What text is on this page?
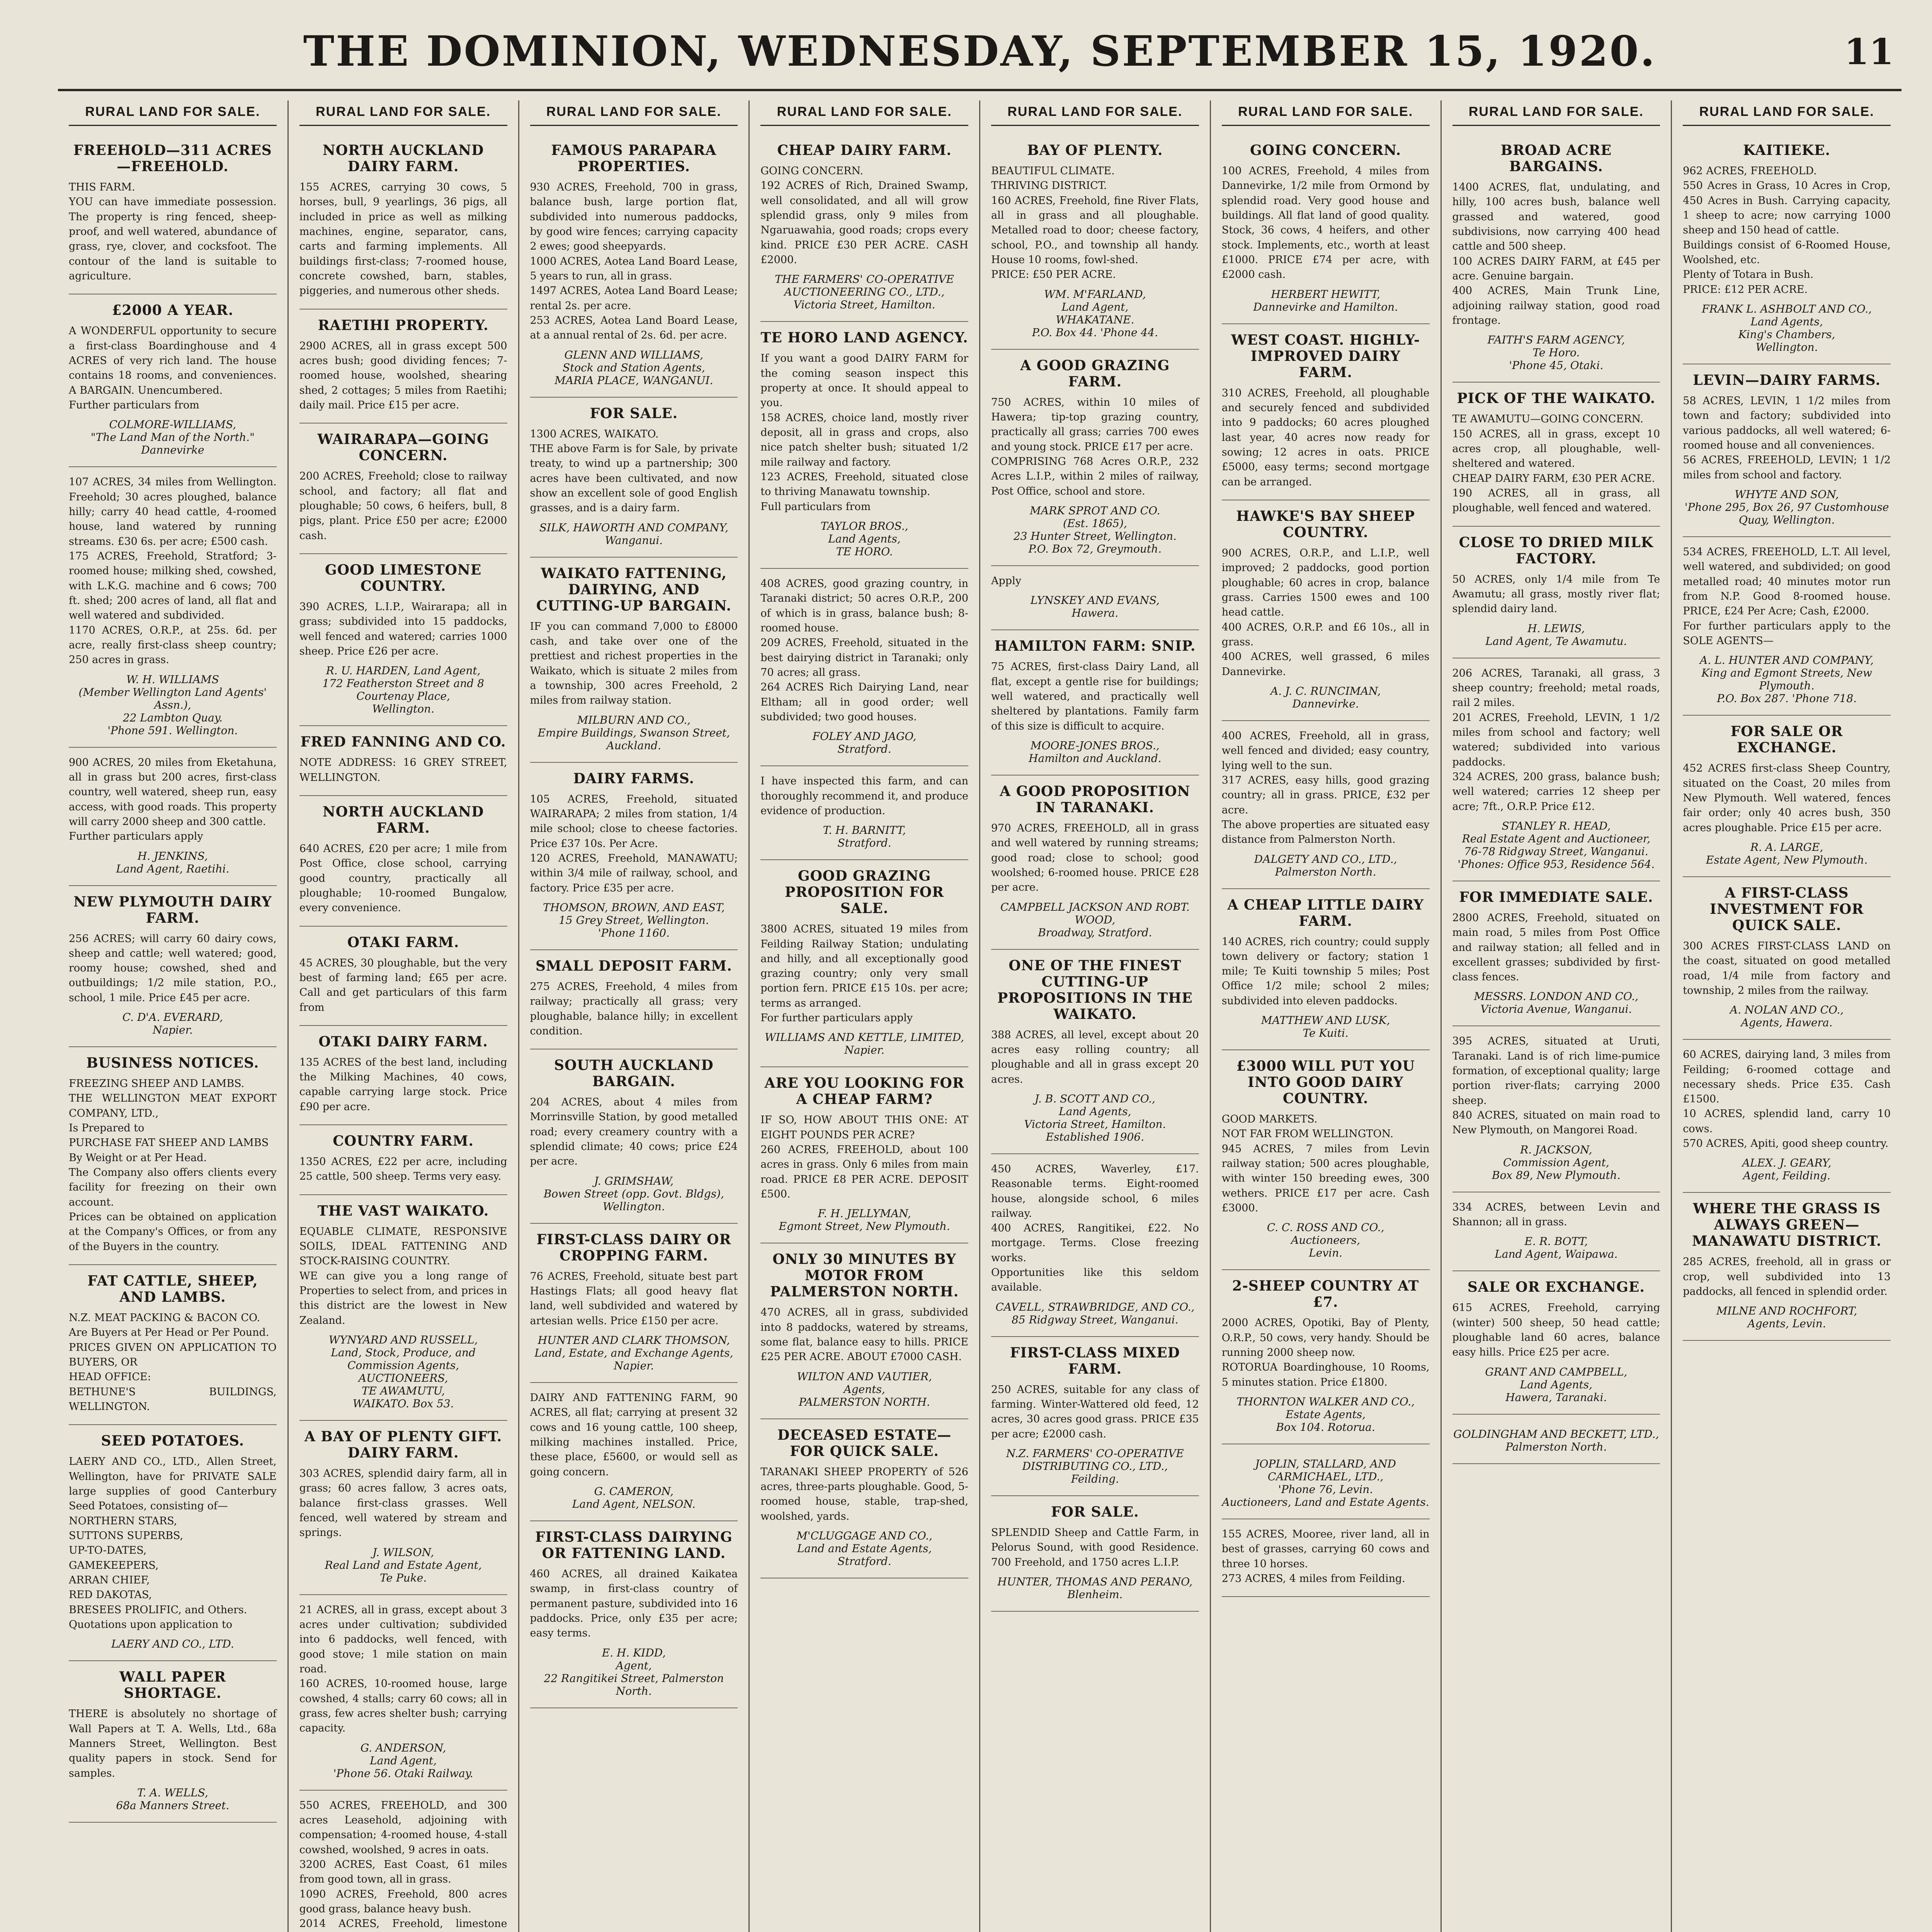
THE DOMINION, WEDNESDAY, SEPTEMBER 15, 1920.	11
RURAL LAND FOR SALE.
FREEHOLD—311 ACRES—FREEHOLD.
THIS FARM.
YOU can have immediate possession. The property is ring fenced, sheep-proof, and well watered, abundance of grass, rye, clover, and cocksfoot. The contour of the land is suitable to agriculture.
£2000 A YEAR.
A WONDERFUL opportunity to secure a first-class Boardinghouse and 4 ACRES of very rich land. The house contains 18 rooms, and conveniences. A BARGAIN. Unencumbered.
Further particulars from
COLMORE-WILLIAMS,
"The Land Man of the North."
Dannevirke
107 ACRES, 34 miles from Wellington. Freehold; 30 acres ploughed, balance hilly; carry 40 head cattle, 4-roomed house, land watered by running streams. £30 6s. per acre; £500 cash.
175 ACRES, Freehold, Stratford; 3-roomed house; milking shed, cowshed, with L.K.G. machine and 6 cows; 700 ft. shed; 200 acres of land, all flat and well watered and subdivided.
1170 ACRES, O.R.P., at 25s. 6d. per acre, really first-class sheep country; 250 acres in grass.
W. H. WILLIAMS
(Member Wellington Land Agents' Assn.),
22 Lambton Quay.
'Phone 591. Wellington.
900 ACRES, 20 miles from Eketahuna, all in grass but 200 acres, first-class country, well watered, sheep run, easy access, with good roads. This property will carry 2000 sheep and 300 cattle.
Further particulars apply
H. JENKINS,
Land Agent, Raetihi.
NEW PLYMOUTH DAIRY FARM.
256 ACRES; will carry 60 dairy cows, sheep and cattle; well watered; good, roomy house; cowshed, shed and outbuildings; 1/2 mile station, P.O., school, 1 mile. Price £45 per acre.
C. D'A. EVERARD,
Napier.
BUSINESS NOTICES.
FREEZING SHEEP AND LAMBS.
THE WELLINGTON MEAT EXPORT COMPANY, LTD.,
Is Prepared to
PURCHASE FAT SHEEP AND LAMBS
By Weight or at Per Head.
The Company also offers clients every facility for freezing on their own account.
Prices can be obtained on application at the Company's Offices, or from any of the Buyers in the country.
FAT CATTLE, SHEEP, AND LAMBS.
N.Z. MEAT PACKING & BACON CO.
Are Buyers at Per Head or Per Pound.
PRICES GIVEN ON APPLICATION TO BUYERS, OR
HEAD OFFICE:
BETHUNE'S BUILDINGS, WELLINGTON.
SEED POTATOES.
LAERY AND CO., LTD., Allen Street, Wellington, have for PRIVATE SALE large supplies of good Canterbury Seed Potatoes, consisting of—
NORTHERN STARS,
SUTTONS SUPERBS,
UP-TO-DATES,
GAMEKEEPERS,
ARRAN CHIEF,
RED DAKOTAS,
BRESEES PROLIFIC, and Others.
Quotations upon application to
LAERY AND CO., LTD.
WALL PAPER SHORTAGE.
THERE is absolutely no shortage of Wall Papers at T. A. Wells, Ltd., 68a Manners Street, Wellington. Best quality papers in stock. Send for samples.
T. A. WELLS,
68a Manners Street.
RURAL LAND FOR SALE.
NORTH AUCKLAND DAIRY FARM.
155 ACRES, carrying 30 cows, 5 horses, bull, 9 yearlings, 36 pigs, all included in price as well as milking machines, engine, separator, cans, carts and farming implements. All buildings first-class; 7-roomed house, concrete cowshed, barn, stables, piggeries, and numerous other sheds.
RAETIHI PROPERTY.
2900 ACRES, all in grass except 500 acres bush; good dividing fences; 7-roomed house, woolshed, shearing shed, 2 cottages; 5 miles from Raetihi; daily mail. Price £15 per acre.
WAIRARAPA—GOING CONCERN.
200 ACRES, Freehold; close to railway school, and factory; all flat and ploughable; 50 cows, 6 heifers, bull, 8 pigs, plant. Price £50 per acre; £2000 cash.
GOOD LIMESTONE COUNTRY.
390 ACRES, L.I.P., Wairarapa; all in grass; subdivided into 15 paddocks, well fenced and watered; carries 1000 sheep. Price £26 per acre.
R. U. HARDEN, Land Agent,
172 Featherston Street and 8 Courtenay Place,
Wellington.
FRED FANNING AND CO.
NOTE ADDRESS: 16 GREY STREET, WELLINGTON.
NORTH AUCKLAND FARM.
640 ACRES, £20 per acre; 1 mile from Post Office, close school, carrying good country, practically all ploughable; 10-roomed Bungalow, every convenience.
OTAKI FARM.
45 ACRES, 30 ploughable, but the very best of farming land; £65 per acre. Call and get particulars of this farm from
OTAKI DAIRY FARM.
135 ACRES of the best land, including the Milking Machines, 40 cows, capable carrying large stock. Price £90 per acre.
COUNTRY FARM.
1350 ACRES, £22 per acre, including 25 cattle, 500 sheep. Terms very easy.
THE VAST WAIKATO.
EQUABLE CLIMATE, RESPONSIVE SOILS, IDEAL FATTENING AND STOCK-RAISING COUNTRY.
WE can give you a long range of Properties to select from, and prices in this district are the lowest in New Zealand.
WYNYARD AND RUSSELL,
Land, Stock, Produce, and Commission Agents,
AUCTIONEERS,
TE AWAMUTU,
WAIKATO. Box 53.
A BAY OF PLENTY GIFT. DAIRY FARM.
303 ACRES, splendid dairy farm, all in grass; 60 acres fallow, 3 acres oats, balance first-class grasses. Well fenced, well watered by stream and springs.
J. WILSON,
Real Land and Estate Agent,
Te Puke.
21 ACRES, all in grass, except about 3 acres under cultivation; subdivided into 6 paddocks, well fenced, with good stove; 1 mile station on main road.
160 ACRES, 10-roomed house, large cowshed, 4 stalls; carry 60 cows; all in grass, few acres shelter bush; carrying capacity.
G. ANDERSON,
Land Agent,
'Phone 56. Otaki Railway.
550 ACRES, FREEHOLD, and 300 acres Leasehold, adjoining with compensation; 4-roomed house, 4-stall cowshed, woolshed, 9 acres in oats.
3200 ACRES, East Coast, 61 miles from good town, all in grass.
1090 ACRES, Freehold, 800 acres good grass, balance heavy bush.
2014 ACRES, Freehold, limestone
RURAL LAND FOR SALE.
FAMOUS PARAPARA PROPERTIES.
930 ACRES, Freehold, 700 in grass, balance bush, large portion flat, subdivided into numerous paddocks, by good wire fences; carrying capacity 2 ewes; good sheepyards.
1000 ACRES, Aotea Land Board Lease, 5 years to run, all in grass.
1497 ACRES, Aotea Land Board Lease; rental 2s. per acre.
253 ACRES, Aotea Land Board Lease, at a annual rental of 2s. 6d. per acre.
GLENN AND WILLIAMS,
Stock and Station Agents,
MARIA PLACE, WANGANUI.
FOR SALE.
1300 ACRES, WAIKATO.
THE above Farm is for Sale, by private treaty, to wind up a partnership; 300 acres have been cultivated, and now show an excellent sole of good English grasses, and is a dairy farm.
SILK, HAWORTH AND COMPANY,
Wanganui.
WAIKATO FATTENING, DAIRYING, AND CUTTING-UP BARGAIN.
IF you can command 7,000 to £8000 cash, and take over one of the prettiest and richest properties in the Waikato, which is situate 2 miles from a township, 300 acres Freehold, 2 miles from railway station.
MILBURN AND CO.,
Empire Buildings, Swanson Street,
Auckland.
DAIRY FARMS.
105 ACRES, Freehold, situated WAIRARAPA; 2 miles from station, 1/4 mile school; close to cheese factories. Price £37 10s. Per Acre.
120 ACRES, Freehold, MANAWATU; within 3/4 mile of railway, school, and factory. Price £35 per acre.
THOMSON, BROWN, AND EAST,
15 Grey Street, Wellington.
'Phone 1160.
SMALL DEPOSIT FARM.
275 ACRES, Freehold, 4 miles from railway; practically all grass; very ploughable, balance hilly; in excellent condition.
SOUTH AUCKLAND BARGAIN.
204 ACRES, about 4 miles from Morrinsville Station, by good metalled road; every creamery country with a splendid climate; 40 cows; price £24 per acre.
J. GRIMSHAW,
Bowen Street (opp. Govt. Bldgs),
Wellington.
FIRST-CLASS DAIRY OR CROPPING FARM.
76 ACRES, Freehold, situate best part Hastings Flats; all good heavy flat land, well subdivided and watered by artesian wells. Price £150 per acre.
HUNTER AND CLARK THOMSON,
Land, Estate, and Exchange Agents,
Napier.
DAIRY AND FATTENING FARM, 90 ACRES, all flat; carrying at present 32 cows and 16 young cattle, 100 sheep, milking machines installed. Price, these place, £5600, or would sell as going concern.
G. CAMERON,
Land Agent, NELSON.
FIRST-CLASS DAIRYING OR FATTENING LAND.
460 ACRES, all drained Kaikatea swamp, in first-class country of permanent pasture, subdivided into 16 paddocks. Price, only £35 per acre; easy terms.
E. H. KIDD,
Agent,
22 Rangitikei Street, Palmerston North.
RURAL LAND FOR SALE.
CHEAP DAIRY FARM.
GOING CONCERN.
192 ACRES of Rich, Drained Swamp, well consolidated, and all will grow splendid grass, only 9 miles from Ngaruawahia, good roads; crops every kind. PRICE £30 PER ACRE. CASH £2000.
THE FARMERS' CO-OPERATIVE AUCTIONEERING CO., LTD.,
Victoria Street, Hamilton.
TE HORO LAND AGENCY.
If you want a good DAIRY FARM for the coming season inspect this property at once. It should appeal to you.
158 ACRES, choice land, mostly river deposit, all in grass and crops, also nice patch shelter bush; situated 1/2 mile railway and factory.
123 ACRES, Freehold, situated close to thriving Manawatu township.
Full particulars from
TAYLOR BROS.,
Land Agents,
TE HORO.
408 ACRES, good grazing country, in Taranaki district; 50 acres O.R.P., 200 of which is in grass, balance bush; 8-roomed house.
209 ACRES, Freehold, situated in the best dairying district in Taranaki; only 70 acres; all grass.
264 ACRES Rich Dairying Land, near Eltham; all in good order; well subdivided; two good houses.
FOLEY AND JAGO,
Stratford.
I have inspected this farm, and can thoroughly recommend it, and produce evidence of production.
T. H. BARNITT,
Stratford.
GOOD GRAZING PROPOSITION FOR SALE.
3800 ACRES, situated 19 miles from Feilding Railway Station; undulating and hilly, and all exceptionally good grazing country; only very small portion fern. PRICE £15 10s. per acre; terms as arranged.
For further particulars apply
WILLIAMS AND KETTLE, LIMITED,
Napier.
ARE YOU LOOKING FOR A CHEAP FARM?
IF SO, HOW ABOUT THIS ONE: AT EIGHT POUNDS PER ACRE?
260 ACRES, FREEHOLD, about 100 acres in grass. Only 6 miles from main road. PRICE £8 PER ACRE. DEPOSIT £500.
F. H. JELLYMAN,
Egmont Street, New Plymouth.
ONLY 30 MINUTES BY MOTOR FROM PALMERSTON NORTH.
470 ACRES, all in grass, subdivided into 8 paddocks, watered by streams, some flat, balance easy to hills. PRICE £25 PER ACRE. ABOUT £7000 CASH.
WILTON AND VAUTIER,
Agents,
PALMERSTON NORTH.
DECEASED ESTATE—FOR QUICK SALE.
TARANAKI SHEEP PROPERTY of 526 acres, three-parts ploughable. Good, 5-roomed house, stable, trap-shed, woolshed, yards.
M'CLUGGAGE AND CO.,
Land and Estate Agents,
Stratford.
RURAL LAND FOR SALE.
BAY OF PLENTY.
BEAUTIFUL CLIMATE.
THRIVING DISTRICT.
160 ACRES, Freehold, fine River Flats, all in grass and all ploughable. Metalled road to door; cheese factory, school, P.O., and township all handy. House 10 rooms, fowl-shed.
PRICE: £50 PER ACRE.
WM. M'FARLAND,
Land Agent,
WHAKATANE.
P.O. Box 44. 'Phone 44.
A GOOD GRAZING FARM.
750 ACRES, within 10 miles of Hawera; tip-top grazing country, practically all grass; carries 700 ewes and young stock. PRICE £17 per acre.
COMPRISING 768 Acres O.R.P., 232 Acres L.I.P., within 2 miles of railway, Post Office, school and store.
MARK SPROT AND CO.
(Est. 1865),
23 Hunter Street, Wellington.
P.O. Box 72, Greymouth.
Apply
LYNSKEY AND EVANS,
Hawera.
HAMILTON FARM: SNIP.
75 ACRES, first-class Dairy Land, all flat, except a gentle rise for buildings; well watered, and practically well sheltered by plantations. Family farm of this size is difficult to acquire.
MOORE-JONES BROS.,
Hamilton and Auckland.
A GOOD PROPOSITION IN TARANAKI.
970 ACRES, FREEHOLD, all in grass and well watered by running streams; good road; close to school; good woolshed; 6-roomed house. PRICE £28 per acre.
CAMPBELL JACKSON AND ROBT. WOOD,
Broadway, Stratford.
ONE OF THE FINEST CUTTING-UP PROPOSITIONS IN THE WAIKATO.
388 ACRES, all level, except about 20 acres easy rolling country; all ploughable and all in grass except 20 acres.
J. B. SCOTT AND CO.,
Land Agents,
Victoria Street, Hamilton.
Established 1906.
450 ACRES, Waverley, £17. Reasonable terms. Eight-roomed house, alongside school, 6 miles railway.
400 ACRES, Rangitikei, £22. No mortgage. Terms. Close freezing works.
Opportunities like this seldom available.
CAVELL, STRAWBRIDGE, AND CO.,
85 Ridgway Street, Wanganui.
FIRST-CLASS MIXED FARM.
250 ACRES, suitable for any class of farming. Winter-Wattered old feed, 12 acres, 30 acres good grass. PRICE £35 per acre; £2000 cash.
N.Z. FARMERS' CO-OPERATIVE DISTRIBUTING CO., LTD.,
Feilding.
FOR SALE.
SPLENDID Sheep and Cattle Farm, in Pelorus Sound, with good Residence. 700 Freehold, and 1750 acres L.I.P.
HUNTER, THOMAS AND PERANO,
Blenheim.
RURAL LAND FOR SALE.
GOING CONCERN.
100 ACRES, Freehold, 4 miles from Dannevirke, 1/2 mile from Ormond by splendid road. Very good house and buildings. All flat land of good quality. Stock, 36 cows, 4 heifers, and other stock. Implements, etc., worth at least £1000. PRICE £74 per acre, with £2000 cash.
HERBERT HEWITT,
Dannevirke and Hamilton.
WEST COAST. HIGHLY-IMPROVED DAIRY FARM.
310 ACRES, Freehold, all ploughable and securely fenced and subdivided into 9 paddocks; 60 acres ploughed last year, 40 acres now ready for sowing; 12 acres in oats. PRICE £5000, easy terms; second mortgage can be arranged.
HAWKE'S BAY SHEEP COUNTRY.
900 ACRES, O.R.P., and L.I.P., well improved; 2 paddocks, good portion ploughable; 60 acres in crop, balance grass. Carries 1500 ewes and 100 head cattle.
400 ACRES, O.R.P. and £6 10s., all in grass.
400 ACRES, well grassed, 6 miles Dannevirke.
A. J. C. RUNCIMAN,
Dannevirke.
400 ACRES, Freehold, all in grass, well fenced and divided; easy country, lying well to the sun.
317 ACRES, easy hills, good grazing country; all in grass. PRICE, £32 per acre.
The above properties are situated easy distance from Palmerston North.
DALGETY AND CO., LTD.,
Palmerston North.
A CHEAP LITTLE DAIRY FARM.
140 ACRES, rich country; could supply town delivery or factory; station 1 mile; Te Kuiti township 5 miles; Post Office 1/2 mile; school 2 miles; subdivided into eleven paddocks.
MATTHEW AND LUSK,
Te Kuiti.
£3000 WILL PUT YOU INTO GOOD DAIRY COUNTRY.
GOOD MARKETS.
NOT FAR FROM WELLINGTON.
945 ACRES, 7 miles from Levin railway station; 500 acres ploughable, with winter 150 breeding ewes, 300 wethers. PRICE £17 per acre. Cash £3000.
C. C. ROSS AND CO.,
Auctioneers,
Levin.
2-SHEEP COUNTRY AT £7.
2000 ACRES, Opotiki, Bay of Plenty, O.R.P., 50 cows, very handy. Should be running 2000 sheep now.
ROTORUA Boardinghouse, 10 Rooms, 5 minutes station. Price £1800.
THORNTON WALKER AND CO.,
Estate Agents,
Box 104. Rotorua.
JOPLIN, STALLARD, AND CARMICHAEL, LTD.,
'Phone 76, Levin.
Auctioneers, Land and Estate Agents.
155 ACRES, Mooree, river land, all in best of grasses, carrying 60 cows and three 10 horses.
273 ACRES, 4 miles from Feilding.
RURAL LAND FOR SALE.
BROAD ACRE BARGAINS.
1400 ACRES, flat, undulating, and hilly, 100 acres bush, balance well grassed and watered, good subdivisions, now carrying 400 head cattle and 500 sheep.
100 ACRES DAIRY FARM, at £45 per acre. Genuine bargain.
400 ACRES, Main Trunk Line, adjoining railway station, good road frontage.
FAITH'S FARM AGENCY,
Te Horo.
'Phone 45, Otaki.
PICK OF THE WAIKATO.
TE AWAMUTU—GOING CONCERN.
150 ACRES, all in grass, except 10 acres crop, all ploughable, well-sheltered and watered.
CHEAP DAIRY FARM, £30 PER ACRE.
190 ACRES, all in grass, all ploughable, well fenced and watered.
CLOSE TO DRIED MILK FACTORY.
50 ACRES, only 1/4 mile from Te Awamutu; all grass, mostly river flat; splendid dairy land.
H. LEWIS,
Land Agent, Te Awamutu.
206 ACRES, Taranaki, all grass, 3 sheep country; freehold; metal roads, rail 2 miles.
201 ACRES, Freehold, LEVIN, 1 1/2 miles from school and factory; well watered; subdivided into various paddocks.
324 ACRES, 200 grass, balance bush; well watered; carries 12 sheep per acre; 7ft., O.R.P. Price £12.
STANLEY R. HEAD,
Real Estate Agent and Auctioneer,
76-78 Ridgway Street, Wanganui.
'Phones: Office 953, Residence 564.
FOR IMMEDIATE SALE.
2800 ACRES, Freehold, situated on main road, 5 miles from Post Office and railway station; all felled and in excellent grasses; subdivided by first-class fences.
MESSRS. LONDON AND CO.,
Victoria Avenue, Wanganui.
395 ACRES, situated at Uruti, Taranaki. Land is of rich lime-pumice formation, of exceptional quality; large portion river-flats; carrying 2000 sheep.
840 ACRES, situated on main road to New Plymouth, on Mangorei Road.
R. JACKSON,
Commission Agent,
Box 89, New Plymouth.
334 ACRES, between Levin and Shannon; all in grass.
E. R. BOTT,
Land Agent, Waipawa.
SALE OR EXCHANGE.
615 ACRES, Freehold, carrying (winter) 500 sheep, 50 head cattle; ploughable land 60 acres, balance easy hills. Price £25 per acre.
GRANT AND CAMPBELL,
Land Agents,
Hawera, Taranaki.
GOLDINGHAM AND BECKETT, LTD.,
Palmerston North.
RURAL LAND FOR SALE.
KAITIEKE.
962 ACRES, FREEHOLD.
550 Acres in Grass, 10 Acres in Crop, 450 Acres in Bush. Carrying capacity, 1 sheep to acre; now carrying 1000 sheep and 150 head of cattle.
Buildings consist of 6-Roomed House, Woolshed, etc.
Plenty of Totara in Bush.
PRICE: £12 PER ACRE.
FRANK L. ASHBOLT AND CO.,
Land Agents,
King's Chambers,
Wellington.
LEVIN—DAIRY FARMS.
58 ACRES, LEVIN, 1 1/2 miles from town and factory; subdivided into various paddocks, all well watered; 6-roomed house and all conveniences.
56 ACRES, FREEHOLD, LEVIN; 1 1/2 miles from school and factory.
WHYTE AND SON,
'Phone 295, Box 26, 97 Customhouse Quay, Wellington.
534 ACRES, FREEHOLD, L.T. All level, well watered, and subdivided; on good metalled road; 40 minutes motor run from N.P. Good 8-roomed house. PRICE, £24 Per Acre; Cash, £2000.
For further particulars apply to the SOLE AGENTS—
A. L. HUNTER AND COMPANY,
King and Egmont Streets, New Plymouth.
P.O. Box 287. 'Phone 718.
FOR SALE OR EXCHANGE.
452 ACRES first-class Sheep Country, situated on the Coast, 20 miles from New Plymouth. Well watered, fences fair order; only 40 acres bush, 350 acres ploughable. Price £15 per acre.
R. A. LARGE,
Estate Agent, New Plymouth.
A FIRST-CLASS INVESTMENT FOR QUICK SALE.
300 ACRES FIRST-CLASS LAND on the coast, situated on good metalled road, 1/4 mile from factory and township, 2 miles from the railway.
A. NOLAN AND CO.,
Agents, Hawera.
60 ACRES, dairying land, 3 miles from Feilding; 6-roomed cottage and necessary sheds. Price £35. Cash £1500.
10 ACRES, splendid land, carry 10 cows.
570 ACRES, Apiti, good sheep country.
ALEX. J. GEARY,
Agent, Feilding.
WHERE THE GRASS IS ALWAYS GREEN—MANAWATU DISTRICT.
285 ACRES, freehold, all in grass or crop, well subdivided into 13 paddocks, all fenced in splendid order.
MILNE AND ROCHFORT,
Agents, Levin.
